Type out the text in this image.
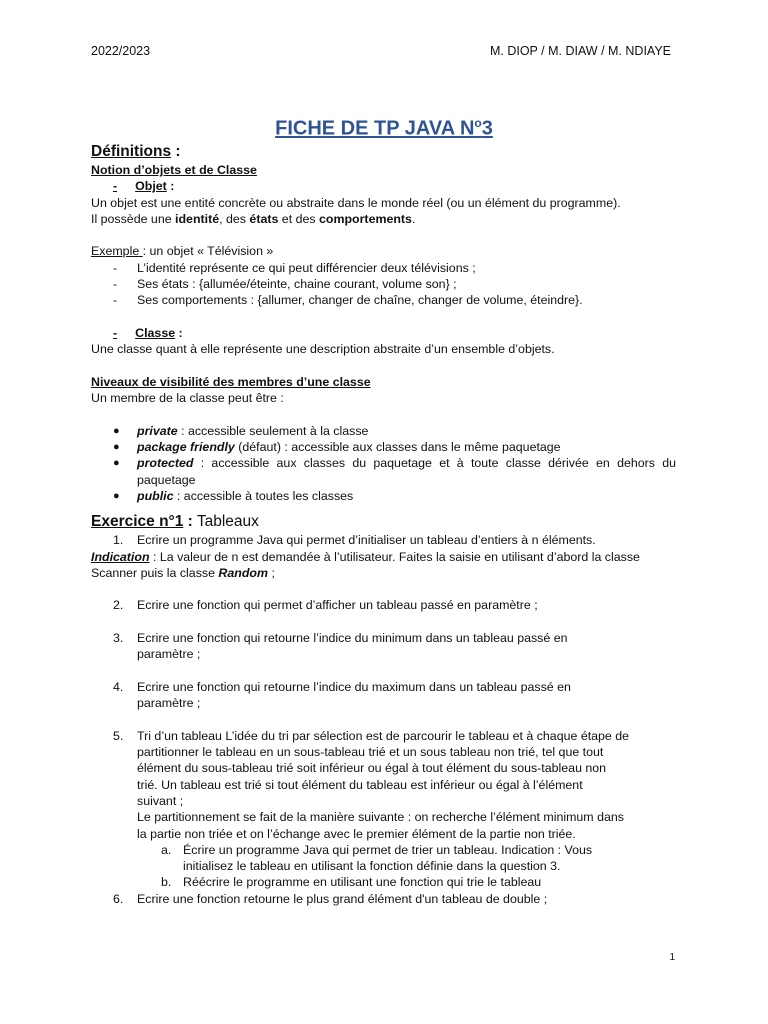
2022/2023	M. DIOP / M. DIAW / M. NDIAYE
FICHE DE TP JAVA $N^o3$
Définitions :
Notion d’objets et de Classe
- Objet :
Un objet est une entité concrète ou abstraite dans le monde réel (ou un élément du programme).
Il possède une identité, des états et des comportements.
Exemple : un objet « Télévision »
- L’identité représente ce qui peut différencier deux télévisions ;
- Ses états : {allumée/éteinte, chaine courant, volume son} ;
- Ses comportements : {allumer, changer de chaîne, changer de volume, éteindre}.
- Classe :
Une classe quant à elle représente une description abstraite d’un ensemble d’objets.
Niveaux de visibilité des membres d’une classe
Un membre de la classe peut être :
● private : accessible seulement à la classe
● package friendly (défaut) : accessible aux classes dans le même paquetage
● protected : accessible aux classes du paquetage et à toute classe dérivée en dehors du paquetage
● public : accessible à toutes les classes
Exercice n°1 : Tableaux
1. Ecrire un programme Java qui permet d’initialiser un tableau d’entiers à n éléments.
Indication : La valeur de n est demandée à l’utilisateur. Faites la saisie en utilisant d’abord la classe
Scanner puis la classe Random ;
2. Ecrire une fonction qui permet d’afficher un tableau passé en paramètre ;
3. Ecrire une fonction qui retourne l’indice du minimum dans un tableau passé en
paramètre ;
4. Ecrire une fonction qui retourne l’indice du maximum dans un tableau passé en
paramètre ;
5. Tri d’un tableau L’idée du tri par sélection est de parcourir le tableau et à chaque étape de
partitionner le tableau en un sous-tableau trié et un sous tableau non trié, tel que tout
élément du sous-tableau trié soit inférieur ou égal à tout élément du sous-tableau non
trié. Un tableau est trié si tout élément du tableau est inférieur ou égal à l’élément
suivant ;
Le partitionnement se fait de la manière suivante : on recherche l’élément minimum dans
la partie non triée et on l’échange avec le premier élément de la partie non triée.
a. Écrire un programme Java qui permet de trier un tableau. Indication : Vous
initialisez le tableau en utilisant la fonction définie dans la question 3.
b. Réécrire le programme en utilisant une fonction qui trie le tableau
6. Ecrire une fonction retourne le plus grand élément d'un tableau de double ;
1
